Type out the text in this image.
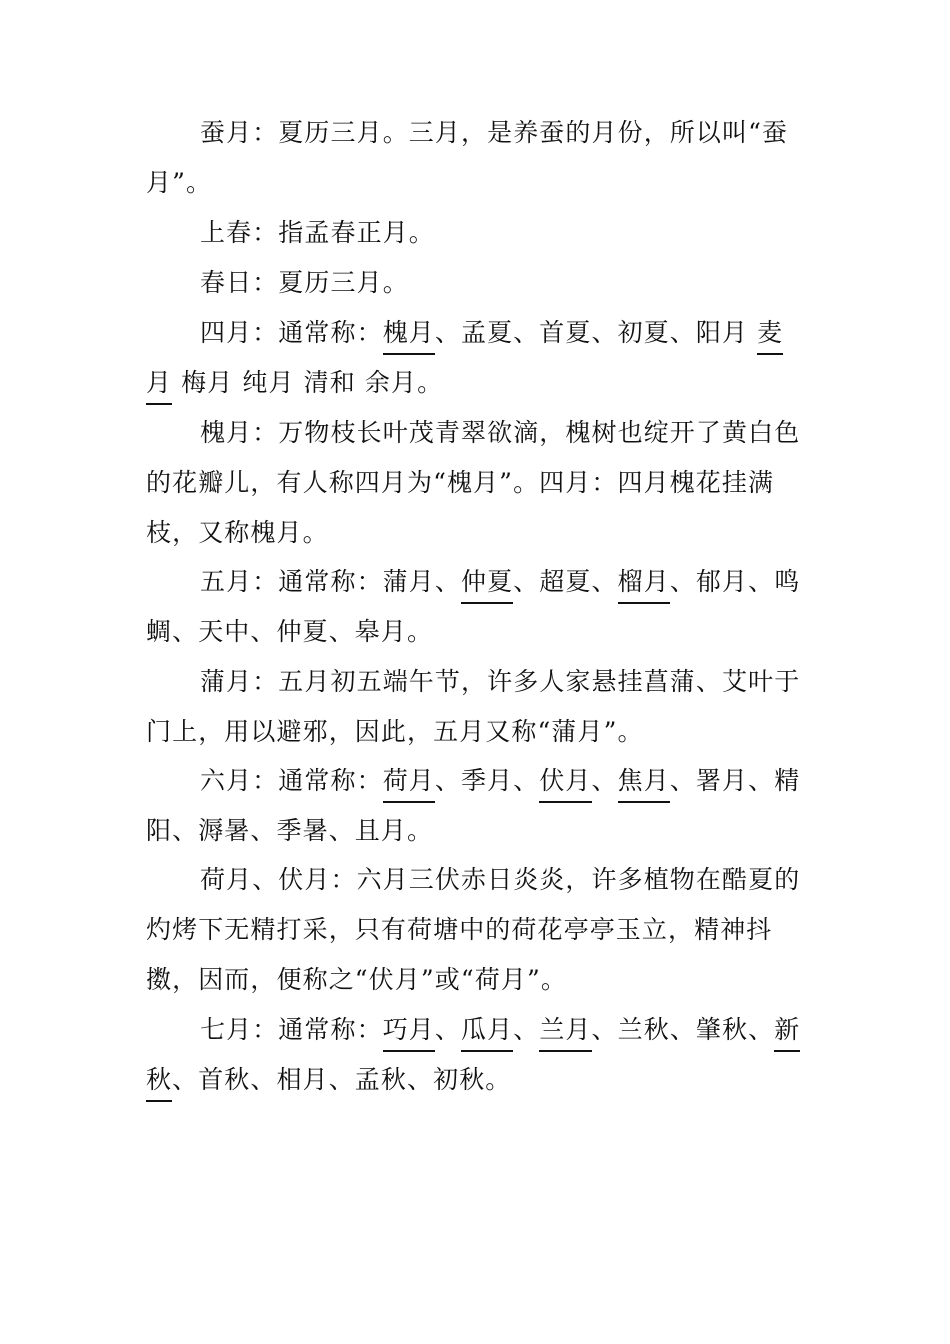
蚕月：夏历三月。三月，是养蚕的月份，所以叫“蚕月”。

上春：指孟春正月。

春日：夏历三月。

四月：通常称：槐月、孟夏、首夏、初夏、阳月 麦月 梅月 纯月 清和 余月。

槐月：万物枝长叶茂青翠欲滴，槐树也绽开了黄白色的花瓣儿，有人称四月为“槐月”。四月：四月槐花挂满枝，又称槐月。

五月：通常称：蒲月、仲夏、超夏、榴月、郁月、鸣蜩、天中、仲夏、皋月。

蒲月：五月初五端午节，许多人家悬挂菖蒲、艾叶于门上，用以避邪，因此，五月又称“蒲月”。

六月：通常称：荷月、季月、伏月、焦月、署月、精阳、溽暑、季暑、且月。

荷月、伏月：六月三伏赤日炎炎，许多植物在酷夏的灼烤下无精打采，只有荷塘中的荷花亭亭玉立，精神抖擞，因而，便称之“伏月”或“荷月”。

七月：通常称：巧月、瓜月、兰月、兰秋、肇秋、新秋、首秋、相月、孟秋、初秋。
